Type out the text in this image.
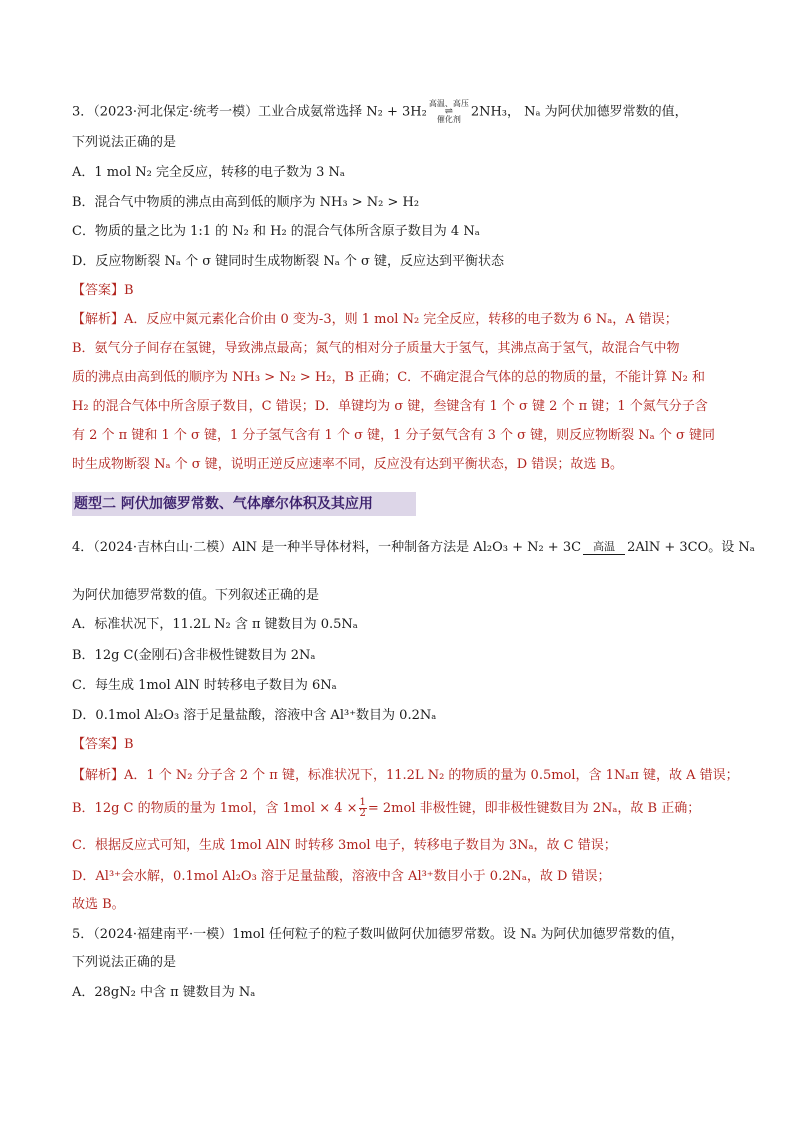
3．（2023·河北保定·统考一模）工业合成氨常选择 N₂ + 3H₂
高温、高压
⇌
催化剂 2NH₃， Nₐ 为阿伏加德罗常数的值，
下列说法正确的是
A．1 mol N₂ 完全反应，转移的电子数为 3 Nₐ
B．混合气中物质的沸点由高到低的顺序为 NH₃ > N₂ > H₂
C．物质的量之比为 1:1 的 N₂ 和 H₂ 的混合气体所含原子数目为 4 Nₐ
D．反应物断裂 Nₐ 个 σ 键同时生成物断裂 Nₐ 个 σ 键，反应达到平衡状态
【答案】B
【解析】A．反应中氮元素化合价由 0 变为-3，则 1 mol N₂ 完全反应，转移的电子数为 6 Nₐ，A 错误；
B．氨气分子间存在氢键，导致沸点最高；氮气的相对分子质量大于氢气，其沸点高于氢气，故混合气中物
质的沸点由高到低的顺序为 NH₃ > N₂ > H₂，B 正确；C．不确定混合气体的总的物质的量，不能计算 N₂ 和
H₂ 的混合气体中所含原子数目，C 错误；D．单键均为 σ 键，叁键含有 1 个 σ 键 2 个 π 键；1 个氮气分子含
有 2 个 π 键和 1 个 σ 键，1 分子氢气含有 1 个 σ 键，1 分子氨气含有 3 个 σ 键，则反应物断裂 Nₐ 个 σ 键同
时生成物断裂 Nₐ 个 σ 键，说明正逆反应速率不同，反应没有达到平衡状态，D 错误；故选 B。
题型二 阿伏加德罗常数、气体摩尔体积及其应用
4．（2024·吉林白山·二模）AlN 是一种半导体材料，一种制备方法是 Al₂O₃ + N₂ + 3C	高温 2AlN + 3CO。设 Nₐ
为阿伏加德罗常数的值。下列叙述正确的是
A．标准状况下，11.2L N₂ 含 π 键数目为 0.5Nₐ
B．12g C(金刚石)含非极性键数目为 2Nₐ
C．每生成 1mol AlN 时转移电子数目为 6Nₐ
D．0.1mol Al₂O₃ 溶于足量盐酸，溶液中含 Al³⁺数目为 0.2Nₐ
【答案】B
【解析】A．1 个 N₂ 分子含 2 个 π 键，标准状况下，11.2L N₂ 的物质的量为 0.5mol，含 1Nₐπ 键，故 A 错误；
B．12g C 的物质的量为 1mol，含 $1mol \times 4 \times \frac{1}{2} = 2mol$ 非极性键，即非极性键数目为 2Nₐ，故 B 正确；
C．根据反应式可知，生成 1mol AlN 时转移 3mol 电子，转移电子数目为 3Nₐ，故 C 错误；
D．Al³⁺会水解，0.1mol Al₂O₃ 溶于足量盐酸，溶液中含 Al³⁺数目小于 0.2Nₐ，故 D 错误；
故选 B。
5．（2024·福建南平·一模）1mol 任何粒子的粒子数叫做阿伏加德罗常数。设 Nₐ 为阿伏加德罗常数的值，
下列说法正确的是
A．28gN₂ 中含 π 键数目为 Nₐ
